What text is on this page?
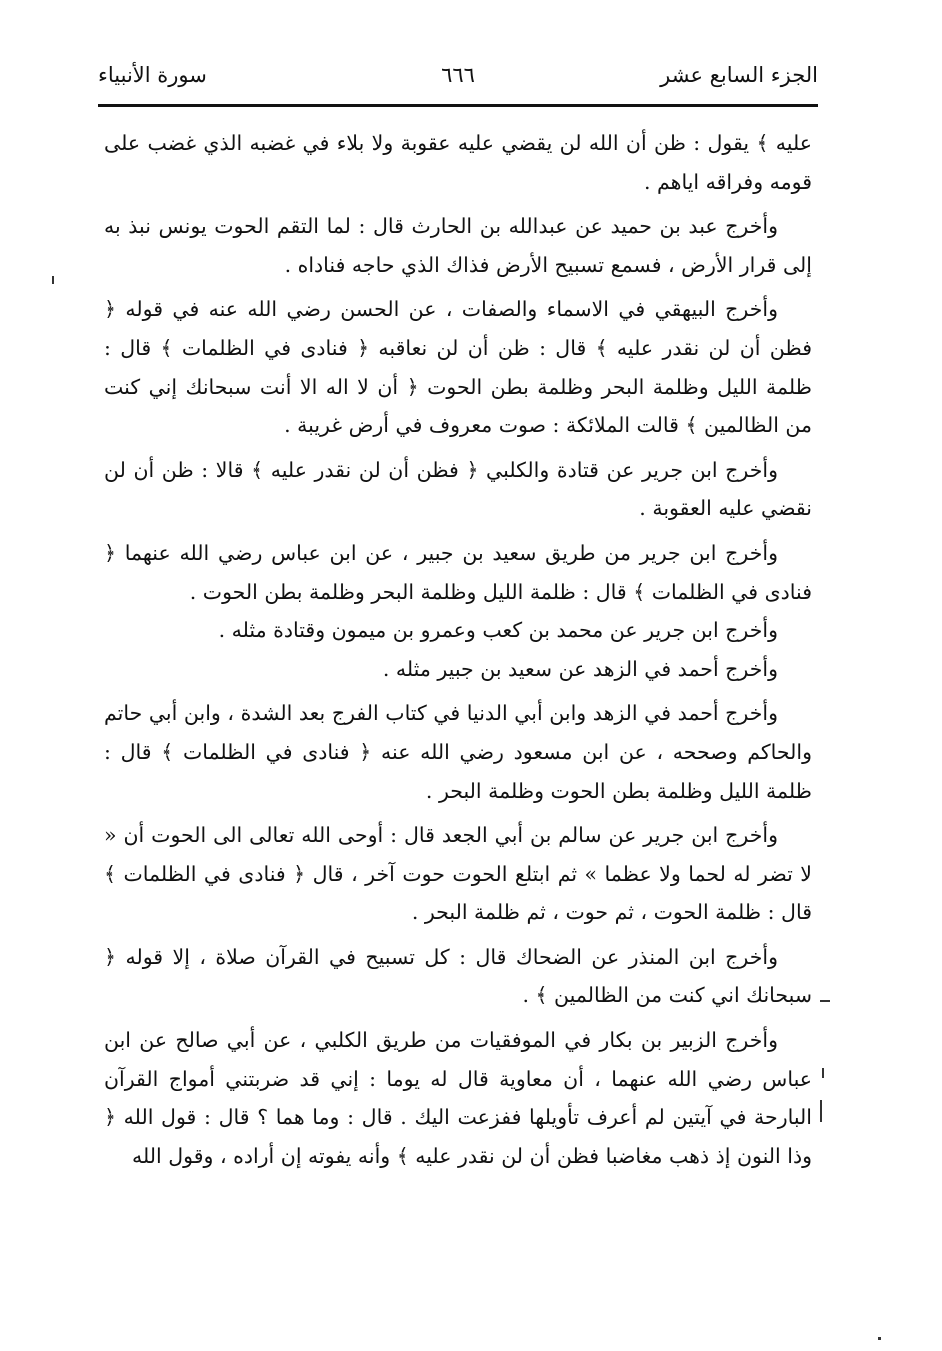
الجزء السابع عشر
٦٦٦
سورة الأنبياء

عليه ﴾ يقول : ظن أن الله لن يقضي عليه عقوبة ولا بلاء في غضبه الذي غضب على قومه وفراقه اياهم .

وأخرج عبد بن حميد عن عبدالله بن الحارث قال : لما التقم الحوت يونس نبذ به إلى قرار الأرض ، فسمع تسبيح الأرض فذاك الذي حاجه فناداه .

وأخرج البيهقي في الاسماء والصفات ، عن الحسن رضي الله عنه في قوله ﴿ فظن أن لن نقدر عليه ﴾ قال : ظن أن لن نعاقبه ﴿ فنادى في الظلمات ﴾ قال : ظلمة الليل وظلمة البحر وظلمة بطن الحوت ﴿ أن لا اله الا أنت سبحانك إني كنت من الظالمين ﴾ قالت الملائكة : صوت معروف في أرض غريبة .

وأخرج ابن جرير عن قتادة والكلبي ﴿ فظن أن لن نقدر عليه ﴾ قالا : ظن أن لن نقضي عليه العقوبة .

وأخرج ابن جرير من طريق سعيد بن جبير ، عن ابن عباس رضي الله عنهما ﴿ فنادى في الظلمات ﴾ قال : ظلمة الليل وظلمة البحر وظلمة بطن الحوت .

وأخرج ابن جرير عن محمد بن كعب وعمرو بن ميمون وقتادة مثله .

وأخرج أحمد في الزهد عن سعيد بن جبير مثله .

وأخرج أحمد في الزهد وابن أبي الدنيا في كتاب الفرج بعد الشدة ، وابن أبي حاتم والحاكم وصححه ، عن ابن مسعود رضي الله عنه ﴿ فنادى في الظلمات ﴾ قال : ظلمة الليل وظلمة بطن الحوت وظلمة البحر .

وأخرج ابن جرير عن سالم بن أبي الجعد قال : أوحى الله تعالى الى الحوت أن « لا تضر له لحما ولا عظما » ثم ابتلع الحوت حوت آخر ، قال ﴿ فنادى في الظلمات ﴾ قال : ظلمة الحوت ، ثم حوت ، ثم ظلمة البحر .

وأخرج ابن المنذر عن الضحاك قال : كل تسبيح في القرآن صلاة ، إلا قوله ﴿ سبحانك اني كنت من الظالمين ﴾ .

وأخرج الزبير بن بكار في الموفقيات من طريق الكلبي ، عن أبي صالح عن ابن عباس رضي الله عنهما ، أن معاوية قال له يوما : إني قد ضربتني أمواج القرآن البارحة في آيتين لم أعرف تأويلها ففزعت اليك . قال : وما هما ؟ قال : قول الله ﴿ وذا النون إذ ذهب مغاضبا فظن أن لن نقدر عليه ﴾ وأنه يفوته إن أراده ، وقول الله
